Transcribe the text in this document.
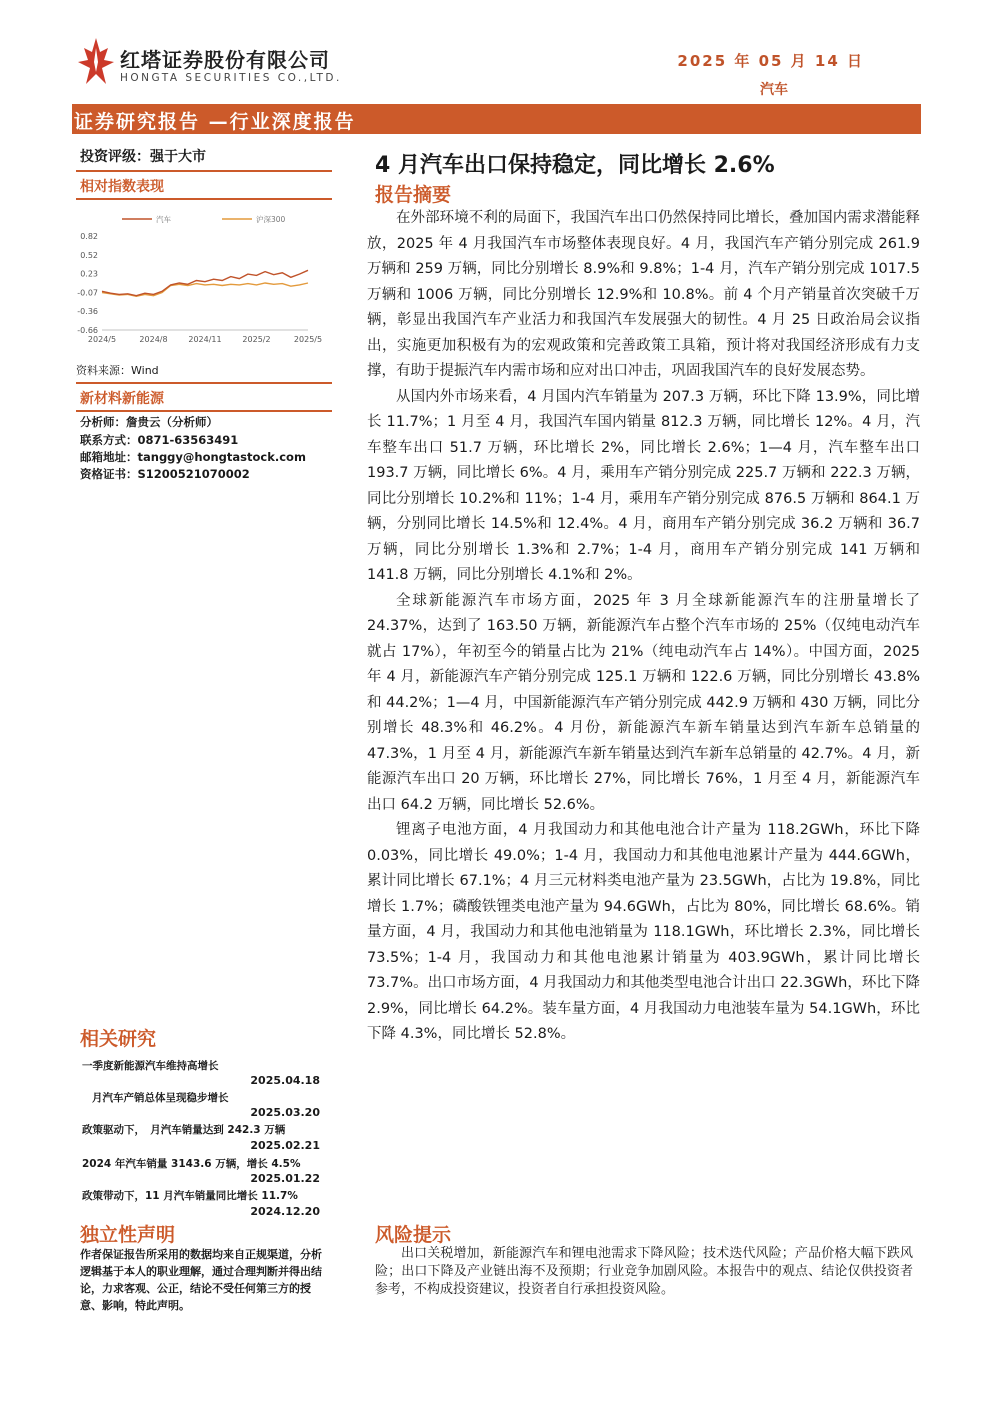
红塔证券股份有限公司
HONGTA SECURITIES CO.,LTD.
2025 年 05 月 14 日
汽车
证券研究报告 —行业深度报告
投资评级：强于大市
相对指数表现
0.82
0.52
0.23
-0.07
-0.36
-0.66
2024/5	2024/8	2024/11	2025/2	2025/5
汽车	沪深300
资料来源：Wind
新材料新能源
分析师：詹贵云（分析师）
联系方式：0871-63563491
邮箱地址：tanggy@hongtastock.com
资格证书：S1200521070002
相关研究
一季度新能源汽车维持高增长
2025.04.18
月汽车产销总体呈现稳步增长
2025.03.20
政策驱动下，　月汽车销量达到 242.3 万辆
2025.02.21
2024 年汽车销量 3143.6 万辆，增长 4.5%
2025.01.22
政策带动下，11 月汽车销量同比增长 11.7%
2024.12.20
独立性声明
作者保证报告所采用的数据均来自正规渠道，分析逻辑基于本人的职业理解，通过合理判断并得出结论，力求客观、公正，结论不受任何第三方的授意、影响，特此声明。
4 月汽车出口保持稳定，同比增长 2.6%
报告摘要

在外部环境不利的局面下，我国汽车出口仍然保持同比增长，叠加国内需求潜能释放，2025 年 4 月我国汽车市场整体表现良好。4 月，我国汽车产销分别完成 261.9 万辆和 259 万辆，同比分别增长 8.9%和 9.8%；1-4 月，汽车产销分别完成 1017.5 万辆和 1006 万辆，同比分别增长 12.9%和 10.8%。前 4 个月产销量首次突破千万辆，彰显出我国汽车产业活力和我国汽车发展强大的韧性。4 月 25 日政治局会议指出，实施更加积极有为的宏观政策和完善政策工具箱，预计将对我国经济形成有力支撑，有助于提振汽车内需市场和应对出口冲击，巩固我国汽车的良好发展态势。

从国内外市场来看，4 月国内汽车销量为 207.3 万辆，环比下降 13.9%，同比增长 11.7%；1 月至 4 月，我国汽车国内销量 812.3 万辆，同比增长 12%。4 月，汽车整车出口 51.7 万辆，环比增长 2%，同比增长 2.6%；1—4 月，汽车整车出口 193.7 万辆，同比增长 6%。4 月，乘用车产销分别完成 225.7 万辆和 222.3 万辆，同比分别增长 10.2%和 11%；1-4 月，乘用车产销分别完成 876.5 万辆和 864.1 万辆，分别同比增长 14.5%和 12.4%。4 月，商用车产销分别完成 36.2 万辆和 36.7 万辆，同比分别增长 1.3%和 2.7%；1-4 月，商用车产销分别完成 141 万辆和 141.8 万辆，同比分别增长 4.1%和 2%。

全球新能源汽车市场方面，2025 年 3 月全球新能源汽车的注册量增长了 24.37%，达到了 163.50 万辆，新能源汽车占整个汽车市场的 25%（仅纯电动汽车就占 17%），年初至今的销量占比为 21%（纯电动汽车占 14%）。中国方面，2025 年 4 月，新能源汽车产销分别完成 125.1 万辆和 122.6 万辆，同比分别增长 43.8%和 44.2%；1—4 月，中国新能源汽车产销分别完成 442.9 万辆和 430 万辆，同比分别增长 48.3%和 46.2%。4 月份，新能源汽车新车销量达到汽车新车总销量的 47.3%，1 月至 4 月，新能源汽车新车销量达到汽车新车总销量的 42.7%。4 月，新能源汽车出口 20 万辆，环比增长 27%，同比增长 76%，1 月至 4 月，新能源汽车出口 64.2 万辆，同比增长 52.6%。

锂离子电池方面，4 月我国动力和其他电池合计产量为 118.2GWh，环比下降 0.03%，同比增长 49.0%；1-4 月，我国动力和其他电池累计产量为 444.6GWh，累计同比增长 67.1%；4 月三元材料类电池产量为 23.5GWh，占比为 19.8%，同比增长 1.7%；磷酸铁锂类电池产量为 94.6GWh，占比为 80%，同比增长 68.6%。销量方面，4 月，我国动力和其他电池销量为 118.1GWh，环比增长 2.3%，同比增长 73.5%；1-4 月，我国动力和其他电池累计销量为 403.9GWh，累计同比增长 73.7%。出口市场方面，4 月我国动力和其他类型电池合计出口 22.3GWh，环比下降 2.9%，同比增长 64.2%。装车量方面，4 月我国动力电池装车量为 54.1GWh，环比下降 4.3%，同比增长 52.8%。

风险提示
出口关税增加，新能源汽车和锂电池需求下降风险；技术迭代风险；产品价格大幅下跌风险；出口下降及产业链出海不及预期；行业竞争加剧风险。本报告中的观点、结论仅供投资者参考，不构成投资建议，投资者自行承担投资风险。
